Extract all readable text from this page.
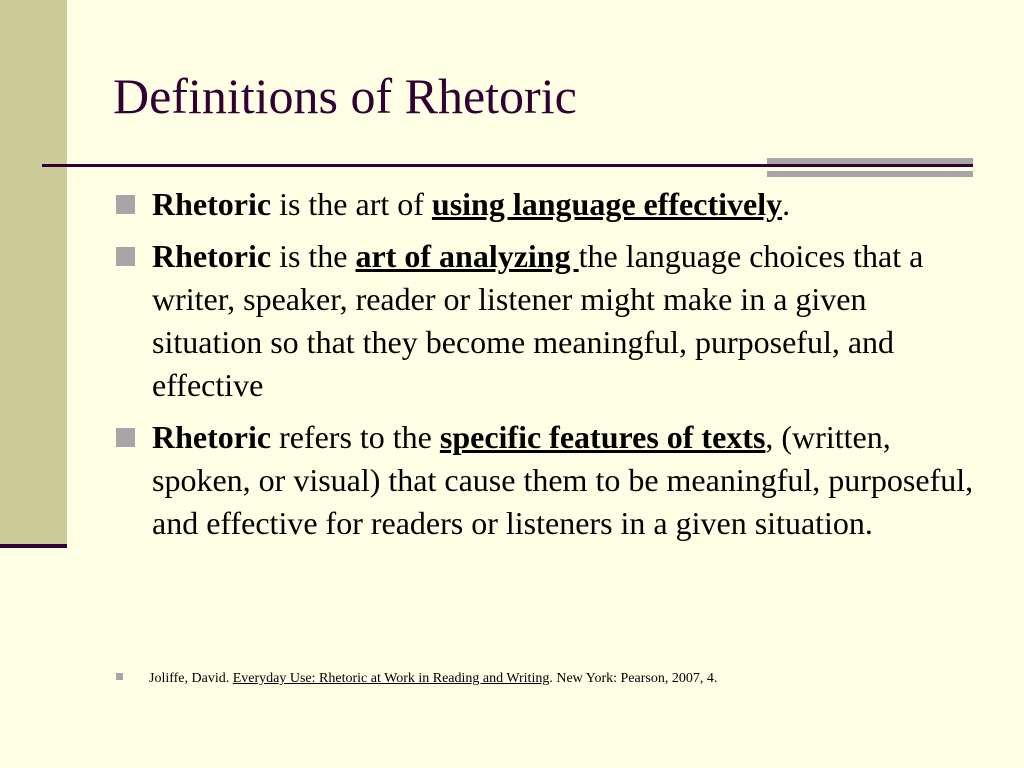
Definitions of Rhetoric
Rhetoric is the art of using language effectively.
Rhetoric is the art of analyzing the language choices that a writer, speaker, reader or listener might make in a given situation so that they become meaningful, purposeful, and effective
Rhetoric refers to the specific features of texts, (written, spoken, or visual) that cause them to be meaningful, purposeful, and effective for readers or listeners in a given situation.
Joliffe, David. Everyday Use: Rhetoric at Work in Reading and Writing. New York: Pearson, 2007, 4.
